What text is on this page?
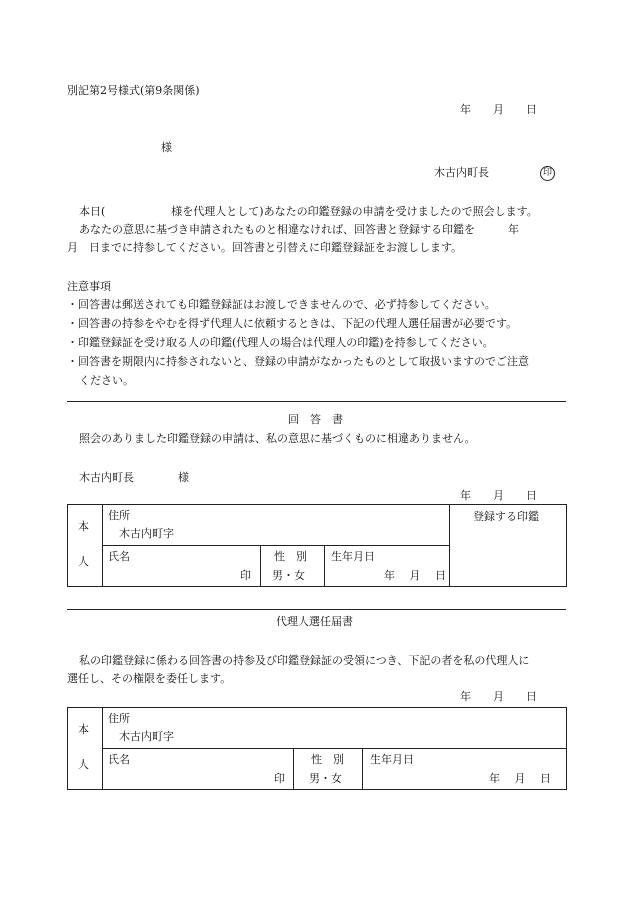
別記第2号様式(第9条関係)
年　　月　　日
様
木古内町長	印
本日(　　　　　　様を代理人として)あなたの印鑑登録の申請を受けましたので照会します。
あなたの意思に基づき申請されたものと相違なければ、回答書と登録する印鑑を　　　年
月　日までに持参してください。回答書と引替えに印鑑登録証をお渡しします。
注意事項
・回答書は郵送されても印鑑登録証はお渡しできませんので、必ず持参してください。
・回答書の持参をやむを得ず代理人に依頼するときは、下記の代理人選任届書が必要です。
・印鑑登録証を受け取る人の印鑑(代理人の場合は代理人の印鑑)を持参してください。
・回答書を期限内に持参されないと、登録の申請がなかったものとして取扱いますのでご注意
ください。
回　答　書
照会のありました印鑑登録の申請は、私の意思に基づくものに相違ありません。
木古内町長　　　　様
年　　月　　日
本
人
住所
木古内町字
氏名
印
性　別
男・女
生年月日
年　 月　 日
登録する印鑑
代理人選任届書
私の印鑑登録に係わる回答書の持参及び印鑑登録証の受領につき、下記の者を私の代理人に
選任し、その権限を委任します。
年　　月　　日
本
人
住所
木古内町字
氏名
印
性　別
男・女
生年月日
年　 月　 日
